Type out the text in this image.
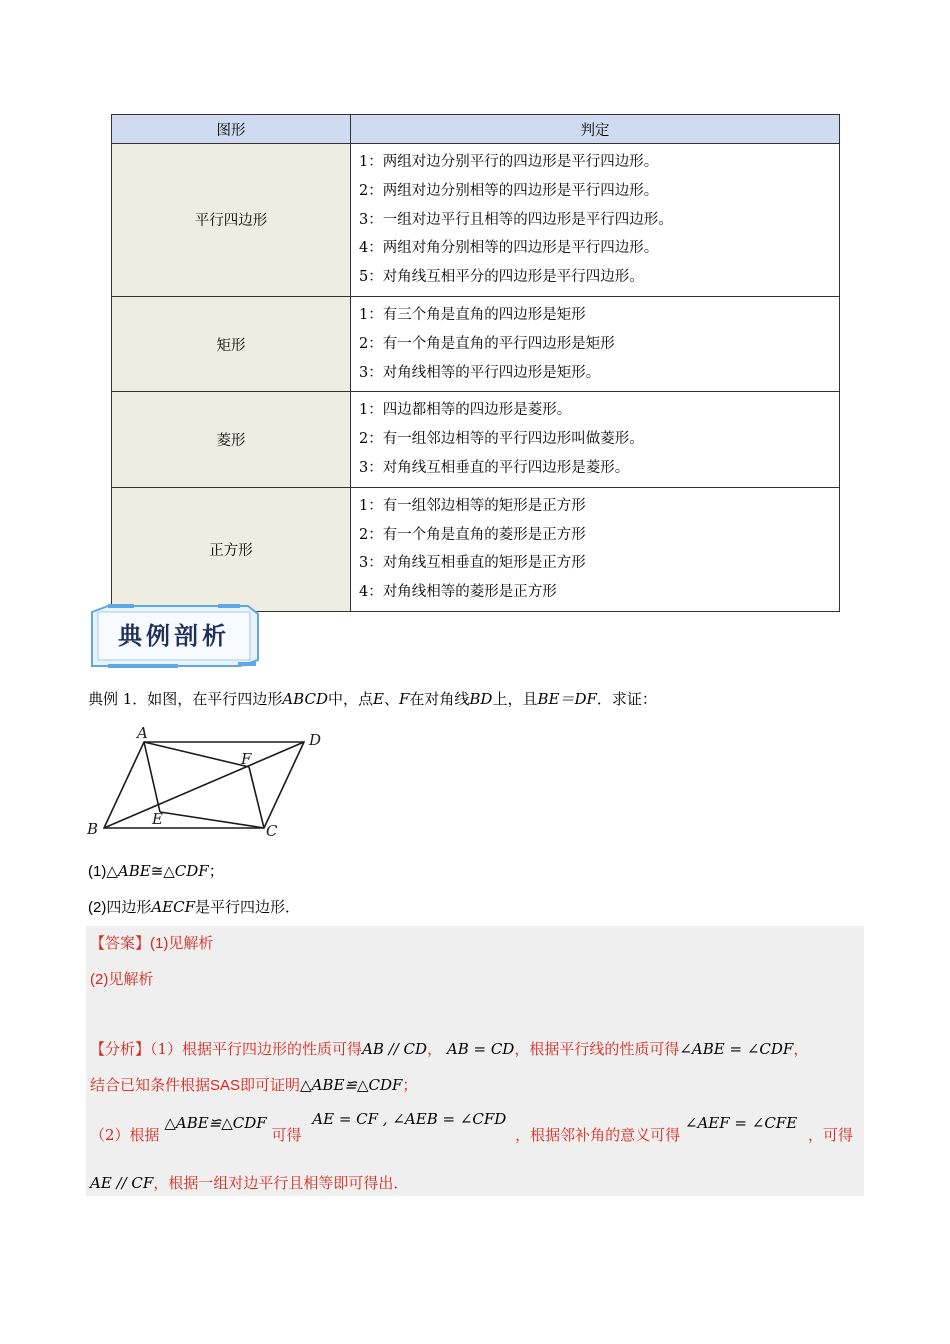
图形	判定
平行四边形	1：两组对边分别平行的四边形是平行四边形。
2：两组对边分别相等的四边形是平行四边形。
3：一组对边平行且相等的四边形是平行四边形。
4：两组对角分别相等的四边形是平行四边形。
5：对角线互相平分的四边形是平行四边形。

矩形	1：有三个角是直角的四边形是矩形
2：有一个角是直角的平行四边形是矩形
3：对角线相等的平行四边形是矩形。

菱形	1：四边都相等的四边形是菱形。
2：有一组邻边相等的平行四边形叫做菱形。
3：对角线互相垂直的平行四边形是菱形。

正方形	1：有一组邻边相等的矩形是正方形
2：有一个角是直角的菱形是正方形
3：对角线互相垂直的矩形是正方形
4：对角线相等的菱形是正方形
典例剖析
典例 1．如图，在平行四边形ABCD中，点E、F在对角线BD上，且BE＝DF．求证：
A	D
F
E
B	C
(1)△ABE≅△CDF；
(2)四边形AECF是平行四边形．
【答案】(1)见解析
(2)见解析
【分析】（1）根据平行四边形的性质可得AB // CD， AB = CD，根据平行线的性质可得∠ABE = ∠CDF，
结合已知条件根据SAS即可证明△ABE≌△CDF；
（2）根据 △ABE≌△CDF 可得 AE = CF , ∠AEB = ∠CFD ，根据邻补角的意义可得 ∠AEF = ∠CFE ，可得
AE // CF，根据一组对边平行且相等即可得出．
